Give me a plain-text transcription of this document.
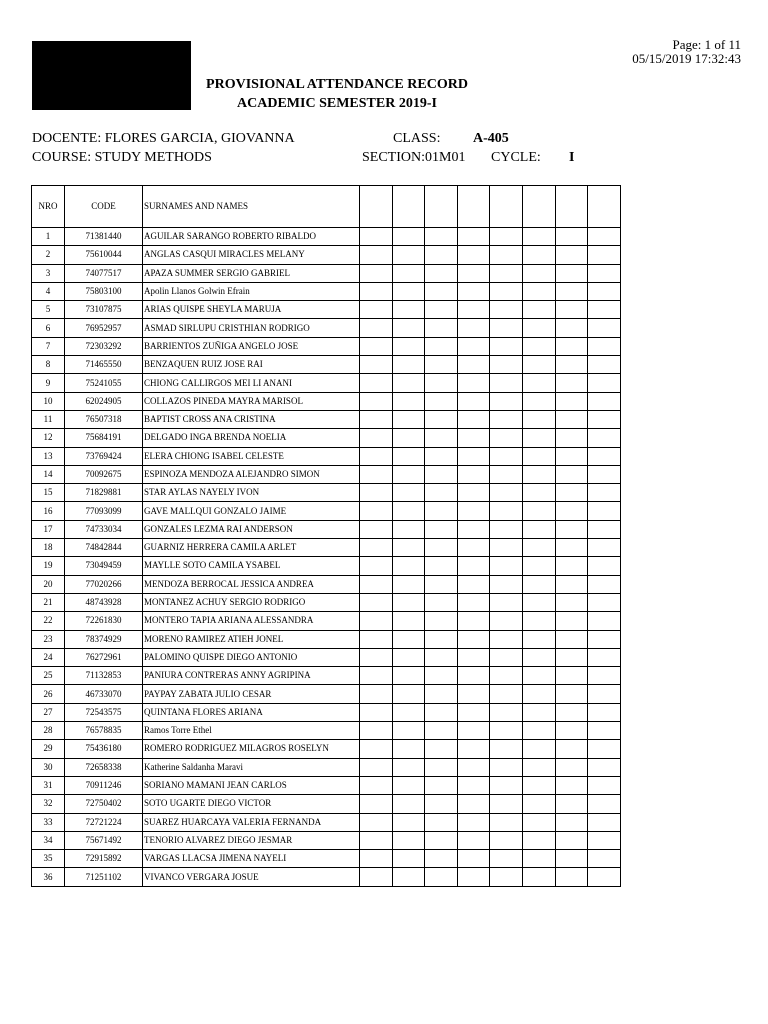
Page: 1 of 11
05/15/2019 17:32:43
PROVISIONAL ATTENDANCE RECORD
ACADEMIC SEMESTER 2019-I
DOCENTE: FLORES GARCIA, GIOVANNA	CLASS: A-405
COURSE: STUDY METHODS	SECTION:01M01 CYCLE: I
NRO	CODE	SURNAMES AND NAMES								
1	71381440	AGUILAR SARANGO ROBERTO RIBALDO								
2	75610044	ANGLAS CASQUI MIRACLES MELANY								
3	74077517	APAZA SUMMER SERGIO GABRIEL								
4	75803100	Apolin Llanos Golwin Efrain								
5	73107875	ARIAS QUISPE SHEYLA MARUJA								
6	76952957	ASMAD SIRLUPU CRISTHIAN RODRIGO								
7	72303292	BARRIENTOS ZUÑIGA ANGELO JOSE								
8	71465550	BENZAQUEN RUIZ JOSE RAI								
9	75241055	CHIONG CALLIRGOS MEI LI ANANI								
10	62024905	COLLAZOS PINEDA MAYRA MARISOL								
11	76507318	BAPTIST CROSS ANA CRISTINA								
12	75684191	DELGADO INGA BRENDA NOELIA								
13	73769424	ELERA CHIONG ISABEL CELESTE								
14	70092675	ESPINOZA MENDOZA ALEJANDRO SIMON								
15	71829881	STAR AYLAS NAYELY IVON								
16	77093099	GAVE MALLQUI GONZALO JAIME								
17	74733034	GONZALES LEZMA RAI ANDERSON								
18	74842844	GUARNIZ HERRERA CAMILA ARLET								
19	73049459	MAYLLE SOTO CAMILA YSABEL								
20	77020266	MENDOZA BERROCAL JESSICA ANDREA								
21	48743928	MONTANEZ ACHUY SERGIO RODRIGO								
22	72261830	MONTERO TAPIA ARIANA ALESSANDRA								
23	78374929	MORENO RAMIREZ ATIEH JONEL								
24	76272961	PALOMINO QUISPE DIEGO ANTONIO								
25	71132853	PANIURA CONTRERAS ANNY AGRIPINA								
26	46733070	PAYPAY ZABATA JULIO CESAR								
27	72543575	QUINTANA FLORES ARIANA								
28	76578835	Ramos Torre Ethel								
29	75436180	ROMERO RODRIGUEZ MILAGROS ROSELYN								
30	72658338	Katherine Saldanha Maravi								
31	70911246	SORIANO MAMANI JEAN CARLOS								
32	72750402	SOTO UGARTE DIEGO VICTOR								
33	72721224	SUAREZ HUARCAYA VALERIA FERNANDA								
34	75671492	TENORIO ALVAREZ DIEGO JESMAR								
35	72915892	VARGAS LLACSA JIMENA NAYELI								
36	71251102	VIVANCO VERGARA JOSUE								
